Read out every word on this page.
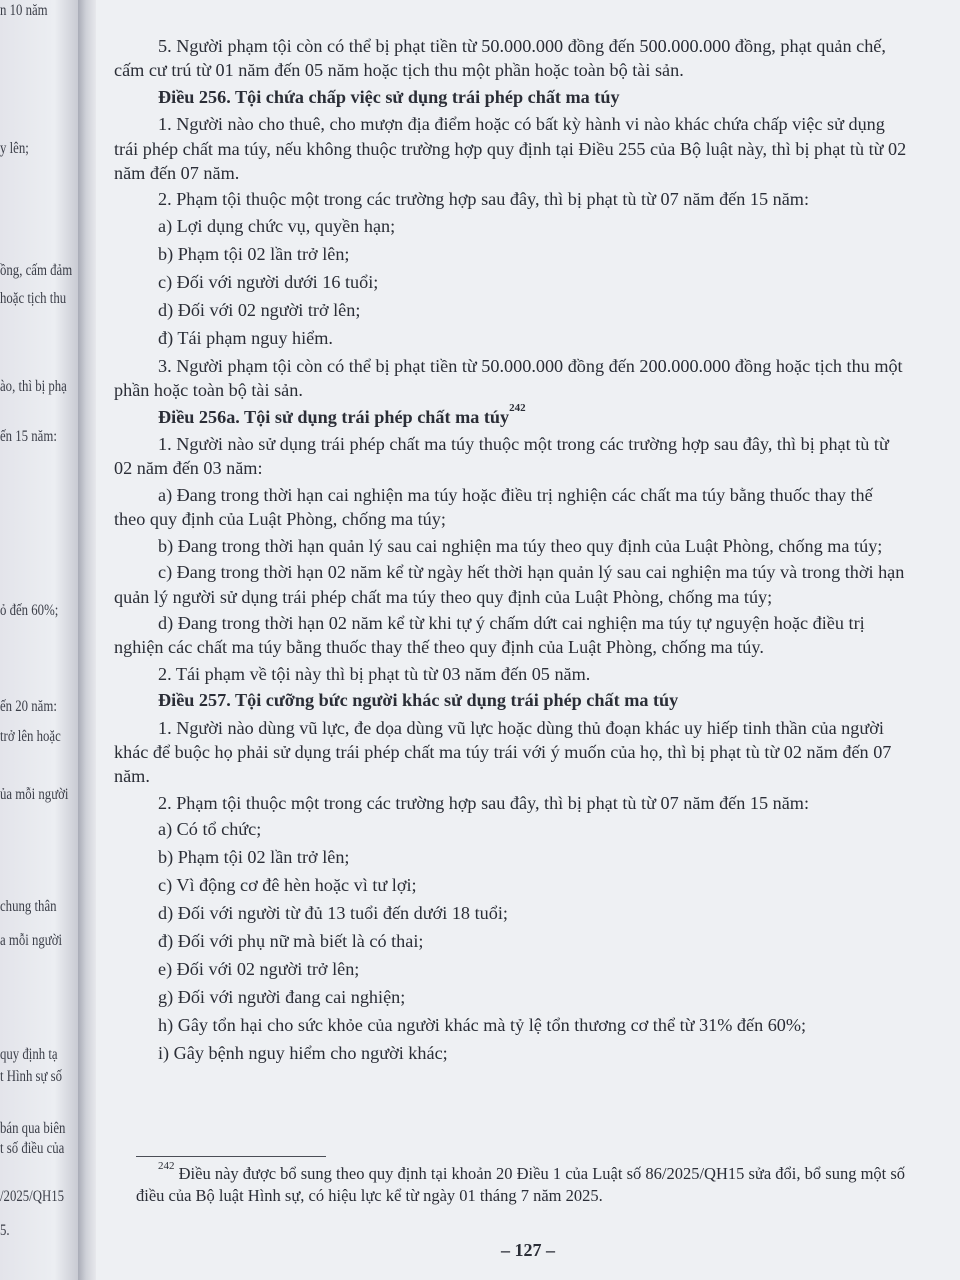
n 10 năm
y lên;
ồng, cấm đảm
hoặc tịch thu
ào, thì bị phạ
ến 15 năm:
ỏ đến 60%;
ến 20 năm:
trở lên hoặc
ủa mỗi người
chung thân
a mỗi người
quy định tạ
t Hình sự số
bán qua biên
t số điều của
/2025/QH15
5.

5. Người phạm tội còn có thể bị phạt tiền từ 50.000.000 đồng đến 500.000.000 đồng, phạt quản chế, cấm cư trú từ 01 năm đến 05 năm hoặc tịch thu một phần hoặc toàn bộ tài sản.

Điều 256. Tội chứa chấp việc sử dụng trái phép chất ma túy

1. Người nào cho thuê, cho mượn địa điểm hoặc có bất kỳ hành vi nào khác chứa chấp việc sử dụng trái phép chất ma túy, nếu không thuộc trường hợp quy định tại Điều 255 của Bộ luật này, thì bị phạt tù từ 02 năm đến 07 năm.

2. Phạm tội thuộc một trong các trường hợp sau đây, thì bị phạt tù từ 07 năm đến 15 năm:

a) Lợi dụng chức vụ, quyền hạn;

b) Phạm tội 02 lần trở lên;

c) Đối với người dưới 16 tuổi;

d) Đối với 02 người trở lên;

đ) Tái phạm nguy hiểm.

3. Người phạm tội còn có thể bị phạt tiền từ 50.000.000 đồng đến 200.000.000 đồng hoặc tịch thu một phần hoặc toàn bộ tài sản.

Điều 256a. Tội sử dụng trái phép chất ma túy$^{242}$

1. Người nào sử dụng trái phép chất ma túy thuộc một trong các trường hợp sau đây, thì bị phạt tù từ 02 năm đến 03 năm:

a) Đang trong thời hạn cai nghiện ma túy hoặc điều trị nghiện các chất ma túy bằng thuốc thay thế theo quy định của Luật Phòng, chống ma túy;

b) Đang trong thời hạn quản lý sau cai nghiện ma túy theo quy định của Luật Phòng, chống ma túy;

c) Đang trong thời hạn 02 năm kể từ ngày hết thời hạn quản lý sau cai nghiện ma túy và trong thời hạn quản lý người sử dụng trái phép chất ma túy theo quy định của Luật Phòng, chống ma túy;

d) Đang trong thời hạn 02 năm kể từ khi tự ý chấm dứt cai nghiện ma túy tự nguyện hoặc điều trị nghiện các chất ma túy bằng thuốc thay thế theo quy định của Luật Phòng, chống ma túy.

2. Tái phạm về tội này thì bị phạt tù từ 03 năm đến 05 năm.

Điều 257. Tội cưỡng bức người khác sử dụng trái phép chất ma túy

1. Người nào dùng vũ lực, đe dọa dùng vũ lực hoặc dùng thủ đoạn khác uy hiếp tinh thần của người khác để buộc họ phải sử dụng trái phép chất ma túy trái với ý muốn của họ, thì bị phạt tù từ 02 năm đến 07 năm.

2. Phạm tội thuộc một trong các trường hợp sau đây, thì bị phạt tù từ 07 năm đến 15 năm:

a) Có tổ chức;

b) Phạm tội 02 lần trở lên;

c) Vì động cơ đê hèn hoặc vì tư lợi;

d) Đối với người từ đủ 13 tuổi đến dưới 18 tuổi;

đ) Đối với phụ nữ mà biết là có thai;

e) Đối với 02 người trở lên;

g) Đối với người đang cai nghiện;

h) Gây tổn hại cho sức khỏe của người khác mà tỷ lệ tổn thương cơ thể từ 31% đến 60%;

i) Gây bệnh nguy hiểm cho người khác;

$^{242}$ Điều này được bổ sung theo quy định tại khoản 20 Điều 1 của Luật số 86/2025/QH15 sửa đổi, bổ sung một số điều của Bộ luật Hình sự, có hiệu lực kể từ ngày 01 tháng 7 năm 2025.
– 127 –
